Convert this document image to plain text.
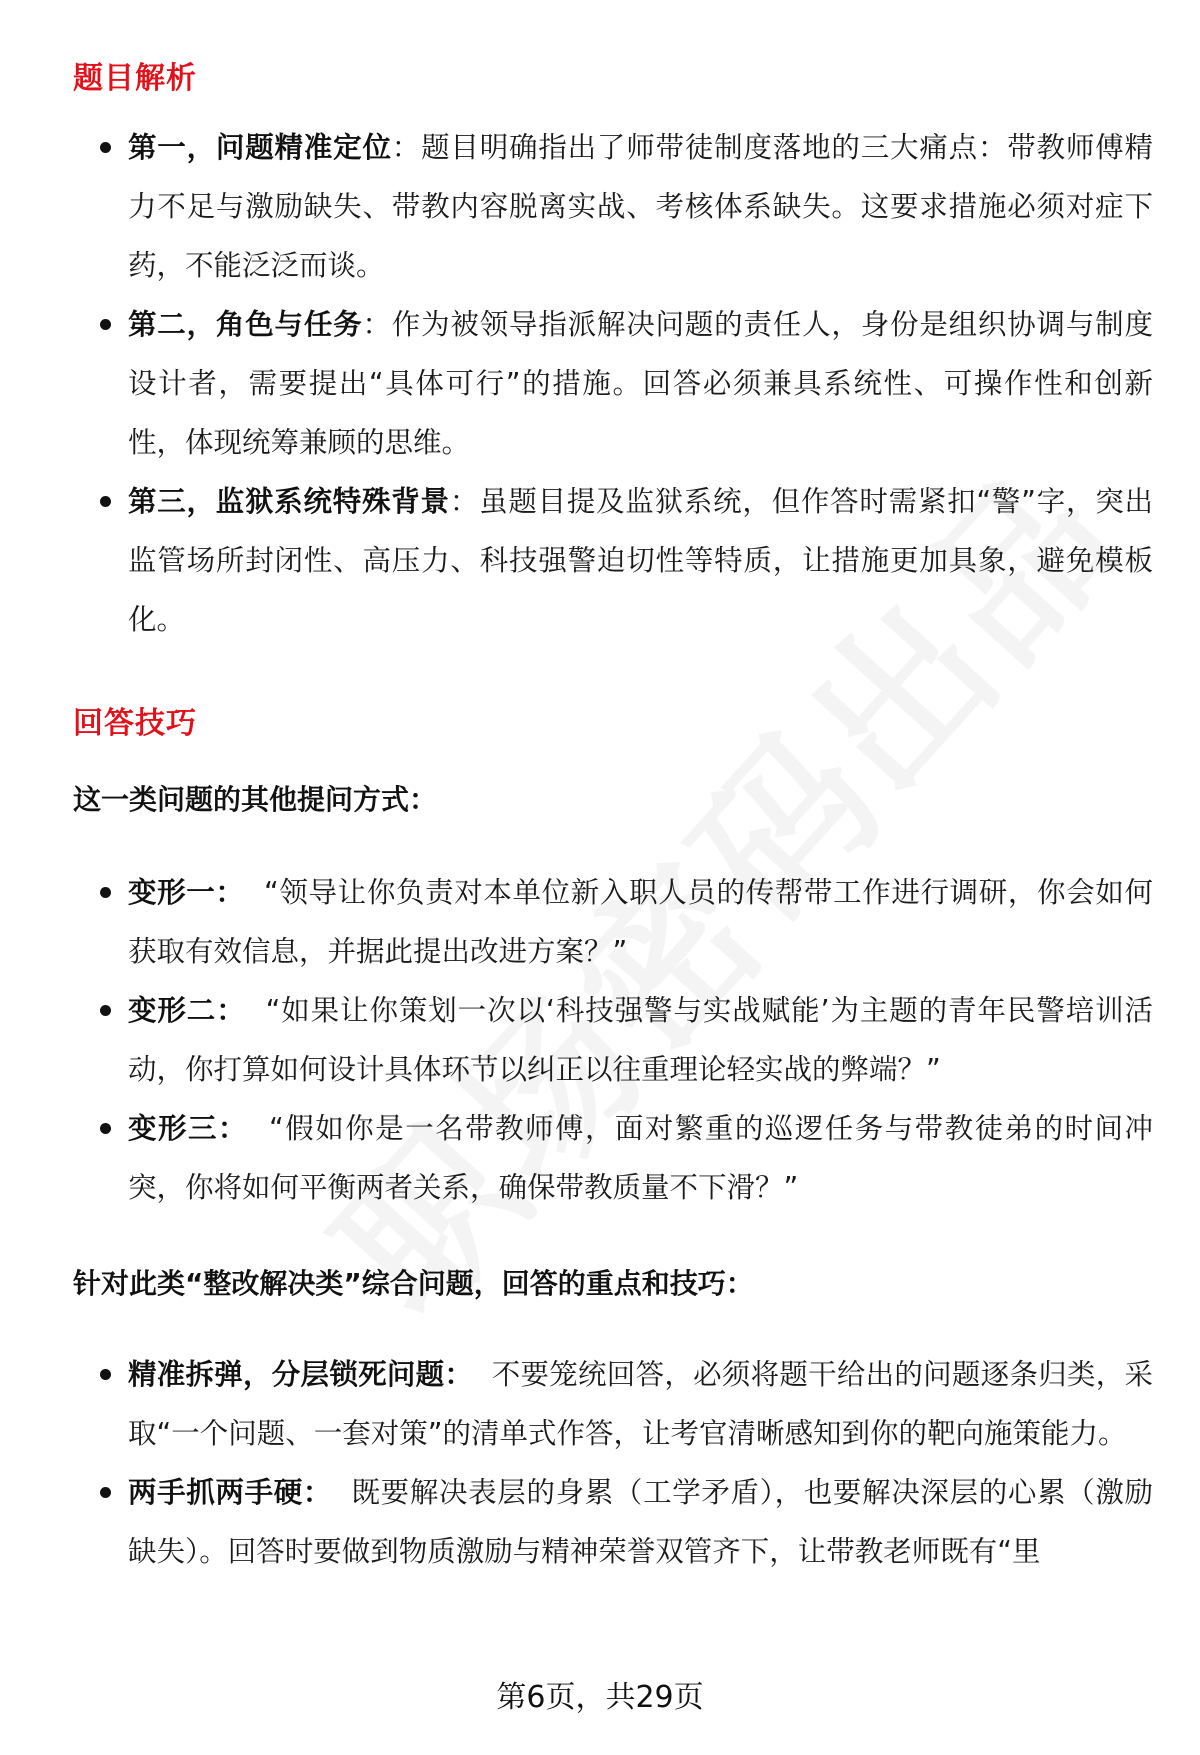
题目解析
第一，问题精准定位：题目明确指出了师带徒制度落地的三大痛点：带教师傅精力不足与激励缺失、带教内容脱离实战、考核体系缺失。这要求措施必须对症下药，不能泛泛而谈。
第二，角色与任务：作为被领导指派解决问题的责任人，身份是组织协调与制度设计者，需要提出“具体可行”的措施。回答必须兼具系统性、可操作性和创新性，体现统筹兼顾的思维。
第三，监狱系统特殊背景：虽题目提及监狱系统，但作答时需紧扣“警”字，突出监管场所封闭性、高压力、科技强警迫切性等特质，让措施更加具象，避免模板化。
回答技巧
这一类问题的其他提问方式：
变形一： “领导让你负责对本单位新入职人员的传帮带工作进行调研，你会如何获取有效信息，并据此提出改进方案？”
变形二： “如果让你策划一次以‘科技强警与实战赋能’为主题的青年民警培训活动，你打算如何设计具体环节以纠正以往重理论轻实战的弊端？”
变形三： “假如你是一名带教师傅，面对繁重的巡逻任务与带教徒弟的时间冲突，你将如何平衡两者关系，确保带教质量不下滑？”
针对此类“整改解决类”综合问题，回答的重点和技巧：
精准拆弹，分层锁死问题： 不要笼统回答，必须将题干给出的问题逐条归类，采取“一个问题、一套对策”的清单式作答，让考官清晰感知到你的靶向施策能力。
两手抓两手硬： 既要解决表层的身累（工学矛盾），也要解决深层的心累（激励缺失）。回答时要做到物质激励与精神荣誉双管齐下，让带教老师既有“里
第6页，共29页
